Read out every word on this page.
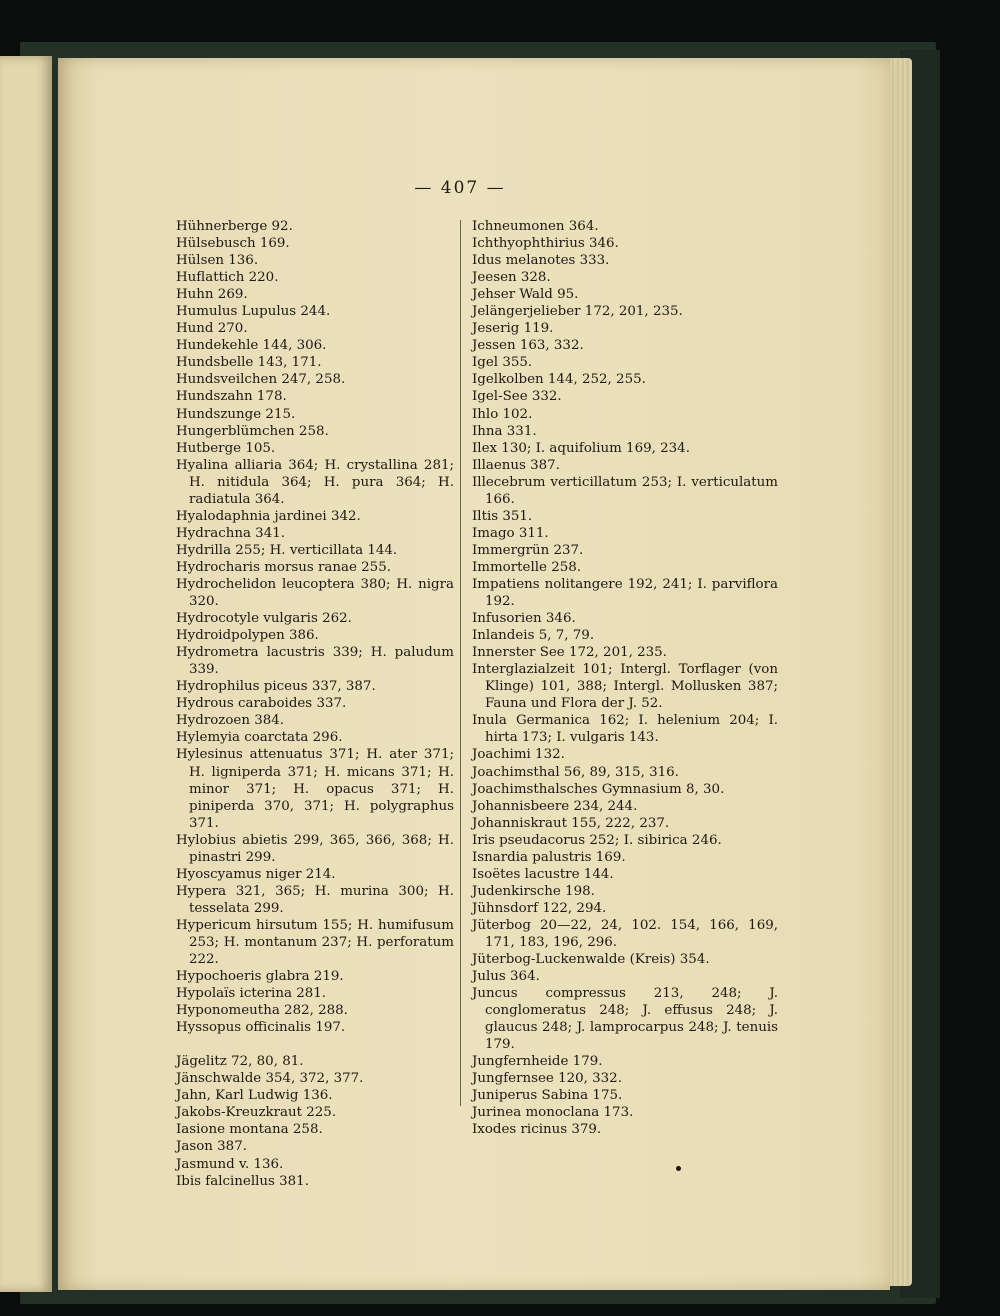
— 407 —

Hühnerberge 92.

Hülsebusch 169.

Hülsen 136.

Huflattich 220.

Huhn 269.

Humulus Lupulus 244.

Hund 270.

Hundekehle 144, 306.

Hundsbelle 143, 171.

Hundsveilchen 247, 258.

Hundszahn 178.

Hundszunge 215.

Hungerblümchen 258.

Hutberge 105.

Hyalina alliaria 364; H. crystallina 281; H. nitidula 364; H. pura 364; H. radiatula 364.

Hyalodaphnia jardinei 342.

Hydrachna 341.

Hydrilla 255; H. verticillata 144.

Hydrocharis morsus ranae 255.

Hydrochelidon leucoptera 380; H. nigra 320.

Hydrocotyle vulgaris 262.

Hydroidpolypen 386.

Hydrometra lacustris 339; H. paludum 339.

Hydrophilus piceus 337, 387.

Hydrous caraboides 337.

Hydrozoen 384.

Hylemyia coarctata 296.

Hylesinus attenuatus 371; H. ater 371; H. ligniperda 371; H. micans 371; H. minor 371; H. opacus 371; H. piniperda 370, 371; H. polygraphus 371.

Hylobius abietis 299, 365, 366, 368; H. pinastri 299.

Hyoscyamus niger 214.

Hypera 321, 365; H. murina 300; H. tesselata 299.

Hypericum hirsutum 155; H. humifusum 253; H. montanum 237; H. perforatum 222.

Hypochoeris glabra 219.

Hypolaïs icterina 281.

Hyponomeutha 282, 288.

Hyssopus officinalis 197.

Jägelitz 72, 80, 81.

Jänschwalde 354, 372, 377.

Jahn, Karl Ludwig 136.

Jakobs-Kreuzkraut 225.

Iasione montana 258.

Jason 387.

Jasmund v. 136.

Ibis falcinellus 381.

Ichneumonen 364.

Ichthyophthirius 346.

Idus melanotes 333.

Jeesen 328.

Jehser Wald 95.

Jelängerjelieber 172, 201, 235.

Jeserig 119.

Jessen 163, 332.

Igel 355.

Igelkolben 144, 252, 255.

Igel-See 332.

Ihlo 102.

Ihna 331.

Ilex 130; I. aquifolium 169, 234.

Illaenus 387.

Illecebrum verticillatum 253; I. verticulatum 166.

Iltis 351.

Imago 311.

Immergrün 237.

Immortelle 258.

Impatiens nolitangere 192, 241; I. parviflora 192.

Infusorien 346.

Inlandeis 5, 7, 79.

Innerster See 172, 201, 235.

Interglazialzeit 101; Intergl. Torflager (von Klinge) 101, 388; Intergl. Mollusken 387; Fauna und Flora der J. 52.

Inula Germanica 162; I. helenium 204; I. hirta 173; I. vulgaris 143.

Joachimi 132.

Joachimsthal 56, 89, 315, 316.

Joachimsthalsches Gymnasium 8, 30.

Johannisbeere 234, 244.

Johanniskraut 155, 222, 237.

Iris pseudacorus 252; I. sibirica 246.

Isnardia palustris 169.

Isoëtes lacustre 144.

Judenkirsche 198.

Jühnsdorf 122, 294.

Jüterbog 20—22, 24, 102. 154, 166, 169, 171, 183, 196, 296.

Jüterbog-Luckenwalde (Kreis) 354.

Julus 364.

Juncus compressus 213, 248; J. conglomeratus 248; J. effusus 248; J. glaucus 248; J. lamprocarpus 248; J. tenuis 179.

Jungfernheide 179.

Jungfernsee 120, 332.

Juniperus Sabina 175.

Jurinea monoclana 173.

Ixodes ricinus 379.
